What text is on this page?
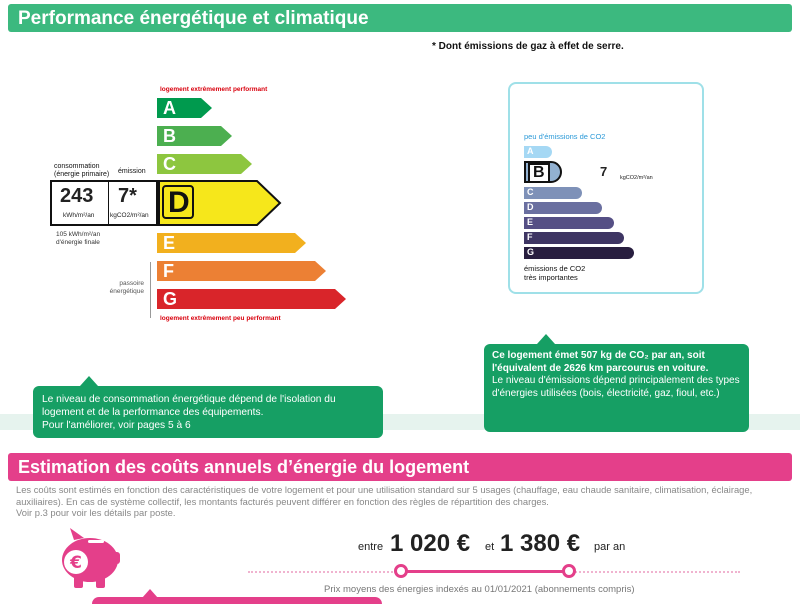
Performance énergétique et climatique
* Dont émissions de gaz à effet de serre.
logement extrêmement performant
A
B
C
D
E
F
G
logement extrêmement peu performant
consommation
(énergie primaire) émission
243
kWh/m²/an
7*
kgCO2/m²/an
105 kWh/m²/an
d'énergie finale
passoire
énergétique
peu d'émissions de CO2
A
B
C
D
E
F
G
7 kgCO2/m²/an
émissions de CO2
très importantes
Le niveau de consommation énergétique dépend de l'isolation du logement et de la performance des équipements.
Pour l'améliorer, voir pages 5 à 6
Ce logement émet 507 kg de CO₂ par an, soit l'équivalent de 2626 km parcourus en voiture.
Le niveau d'émissions dépend principalement des types d'énergies utilisées (bois, électricité, gaz, fioul, etc.)
Estimation des coûts annuels d’énergie du logement
Les coûts sont estimés en fonction des caractéristiques de votre logement et pour une utilisation standard sur 5 usages (chauffage, eau chaude sanitaire, climatisation, éclairage, auxiliaires). En cas de système collectif, les montants facturés peuvent différer en fonction des règles de répartition des charges.
Voir p.3 pour voir les détails par poste.
€
entre 1 020 € et 1 380 € par an
Prix moyens des énergies indexés au 01/01/2021 (abonnements compris)
